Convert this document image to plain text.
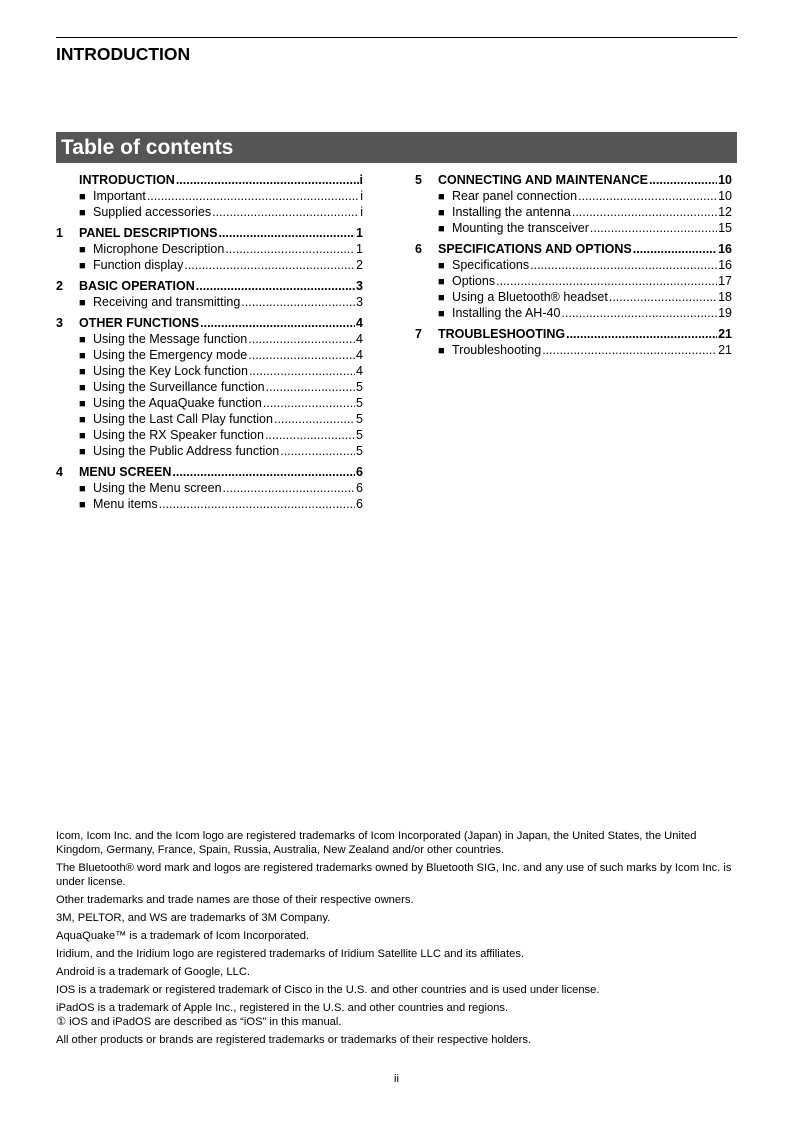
INTRODUCTION
Table of contents
INTRODUCTION .....	i
■ Important .....	i
■ Supplied accessories .....	i
1	PANEL DESCRIPTIONS .....	1
■ Microphone Description .....	1
■ Function display .....	2
2	BASIC OPERATION .....	3
■ Receiving and transmitting .....	3
3	OTHER FUNCTIONS .....	4
■ Using the Message function .....	4
■ Using the Emergency mode .....	4
■ Using the Key Lock function .....	4
■ Using the Surveillance function .....	5
■ Using the AquaQuake function .....	5
■ Using the Last Call Play function .....	5
■ Using the RX Speaker function .....	5
■ Using the Public Address function .....	5
4	MENU SCREEN .....	6
■ Using the Menu screen .....	6
■ Menu items .....	6
5	CONNECTING AND MAINTENANCE .....	10
■ Rear panel connection .....	10
■ Installing the antenna .....	12
■ Mounting the transceiver .....	15
6	SPECIFICATIONS AND OPTIONS .....	16
■ Specifications .....	16
■ Options .....	17
■ Using a Bluetooth® headset .....	18
■ Installing the AH-40 .....	19
7	TROUBLESHOOTING .....	21
■ Troubleshooting .....	21

Icom, Icom Inc. and the Icom logo are registered trademarks of Icom Incorporated (Japan) in Japan, the United States, the United Kingdom, Germany, France, Spain, Russia, Australia, New Zealand and/or other countries.

The Bluetooth® word mark and logos are registered trademarks owned by Bluetooth SIG, Inc. and any use of such marks by Icom Inc. is under license.

Other trademarks and trade names are those of their respective owners.

3M, PELTOR, and WS are trademarks of 3M Company.

AquaQuake™ is a trademark of Icom Incorporated.

Iridium, and the Iridium logo are registered trademarks of Iridium Satellite LLC and its affiliates.

Android is a trademark of Google, LLC.

IOS is a trademark or registered trademark of Cisco in the U.S. and other countries and is used under license.

iPadOS is a trademark of Apple Inc., registered in the U.S. and other countries and regions.
① iOS and iPadOS are described as “iOS” in this manual.

All other products or brands are registered trademarks or trademarks of their respective holders.

ii
